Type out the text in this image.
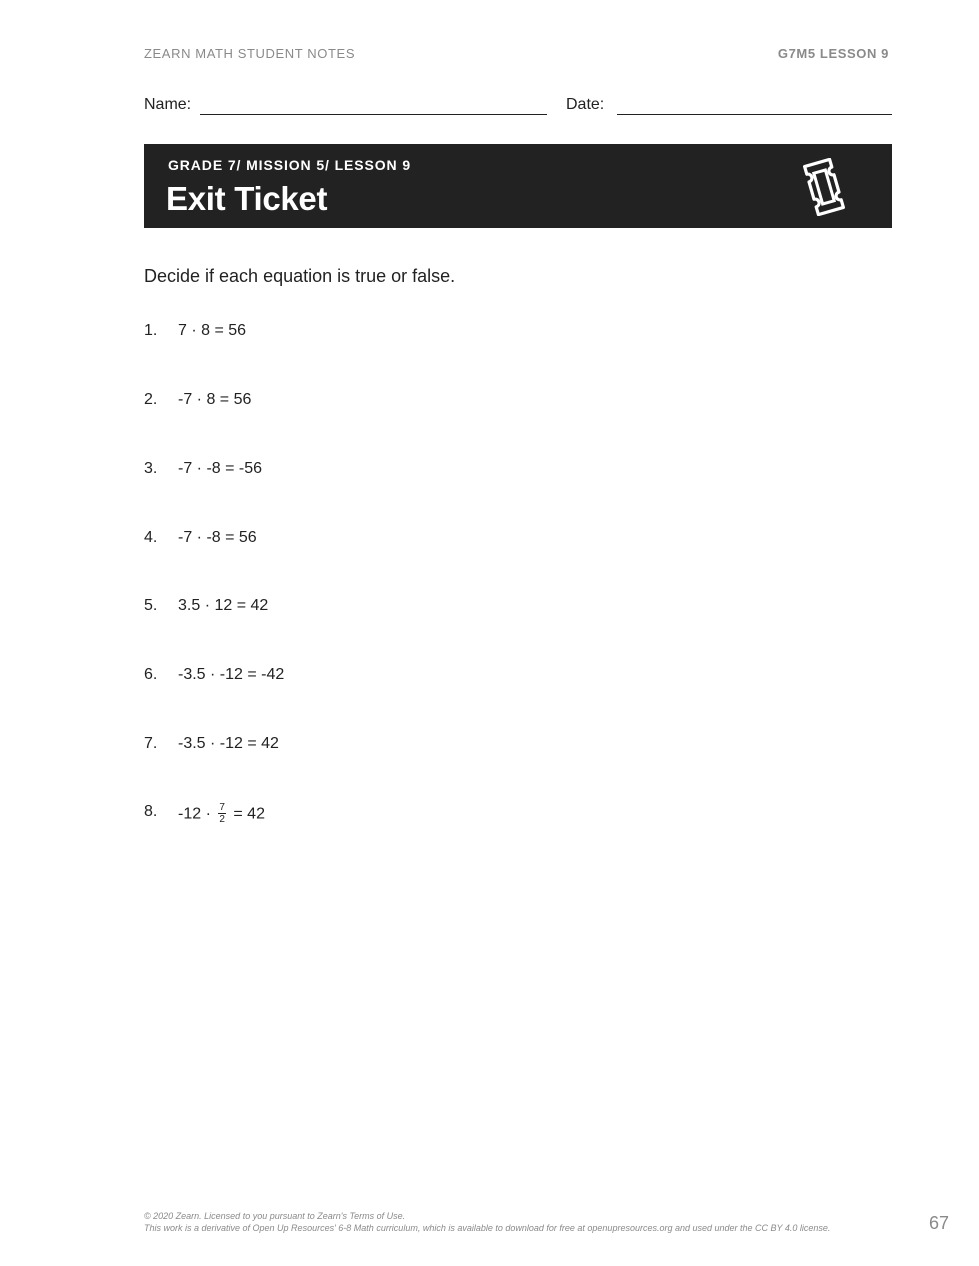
ZEARN MATH STUDENT NOTES	G7M5 LESSON 9
Name:	Date:
GRADE 7/ MISSION 5/ LESSON 9
Exit Ticket
Decide if each equation is true or false.
1. 7 · 8 = 56
2. -7 · 8 = 56
3. -7 · -8 = -56
4. -7 · -8 = 56
5. 3.5 · 12 = 42
6. -3.5 · -12 = -42
7. -3.5 · -12 = 42
8. $-12 \cdot \frac{7}{2} = 42$
© 2020 Zearn. Licensed to you pursuant to Zearn's Terms of Use.
This work is a derivative of Open Up Resources' 6-8 Math curriculum, which is available to download for free at openupresources.org and used under the CC BY 4.0 license.	67
